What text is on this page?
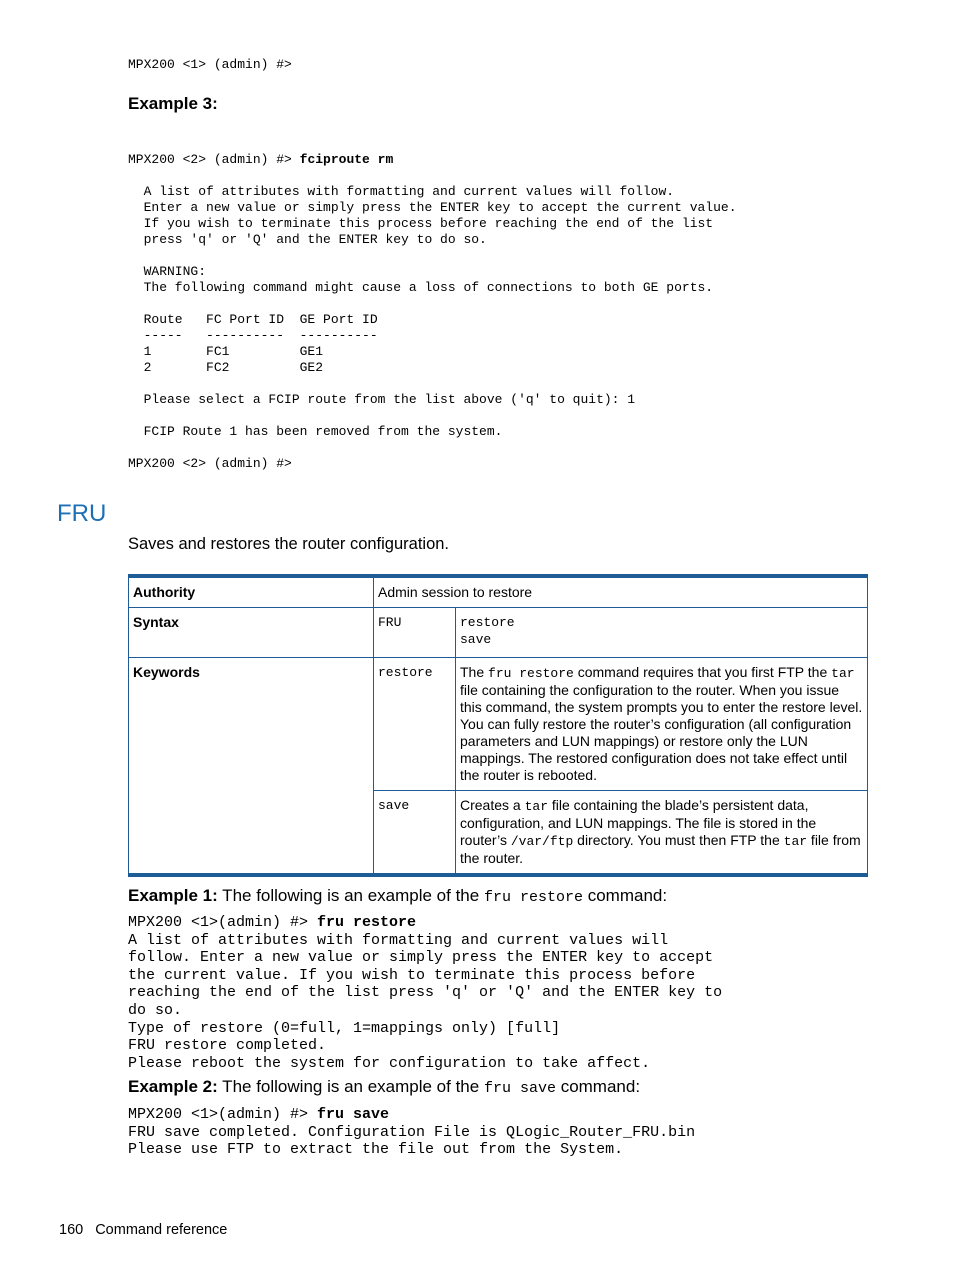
MPX200 <1> (admin) #>
Example 3:
MPX200 <2> (admin) #> fciproute rm

A list of attributes with formatting and current values will follow.
Enter a new value or simply press the ENTER key to accept the current value.
If you wish to terminate this process before reaching the end of the list
press 'q' or 'Q' and the ENTER key to do so.

WARNING:
The following command might cause a loss of connections to both GE ports.

Route   FC Port ID  GE Port ID
-----   ----------  ----------
1       FC1         GE1
2       FC2         GE2

Please select a FCIP route from the list above ('q' to quit): 1

FCIP Route 1 has been removed from the system.

MPX200 <2> (admin) #>
FRU
Saves and restores the router configuration.
Authority	Admin session to restore	
Syntax	FRU	restore
save

Keywords	restore	The fru restore command requires that you first FTP the tar file containing the configuration to the router. When you issue this command, the system prompts you to enter the restore level. You can fully restore the router’s configuration (all configuration parameters and LUN mappings) or restore only the LUN mappings. The restored configuration does not take effect until the router is rebooted.
	save	Creates a tar file containing the blade’s persistent data, configuration, and LUN mappings. The file is stored in the router’s /var/ftp directory. You must then FTP the tar file from the router.
Example 1: The following is an example of the fru restore command:
MPX200 <1>(admin) #> fru restore
A list of attributes with formatting and current values will
follow. Enter a new value or simply press the ENTER key to accept
the current value. If you wish to terminate this process before
reaching the end of the list press 'q' or 'Q' and the ENTER key to
do so.
Type of restore (0=full, 1=mappings only) [full]
FRU restore completed.
Please reboot the system for configuration to take affect.
Example 2: The following is an example of the fru save command:
MPX200 <1>(admin) #> fru save
FRU save completed. Configuration File is QLogic_Router_FRU.bin
Please use FTP to extract the file out from the System.
160 Command reference
